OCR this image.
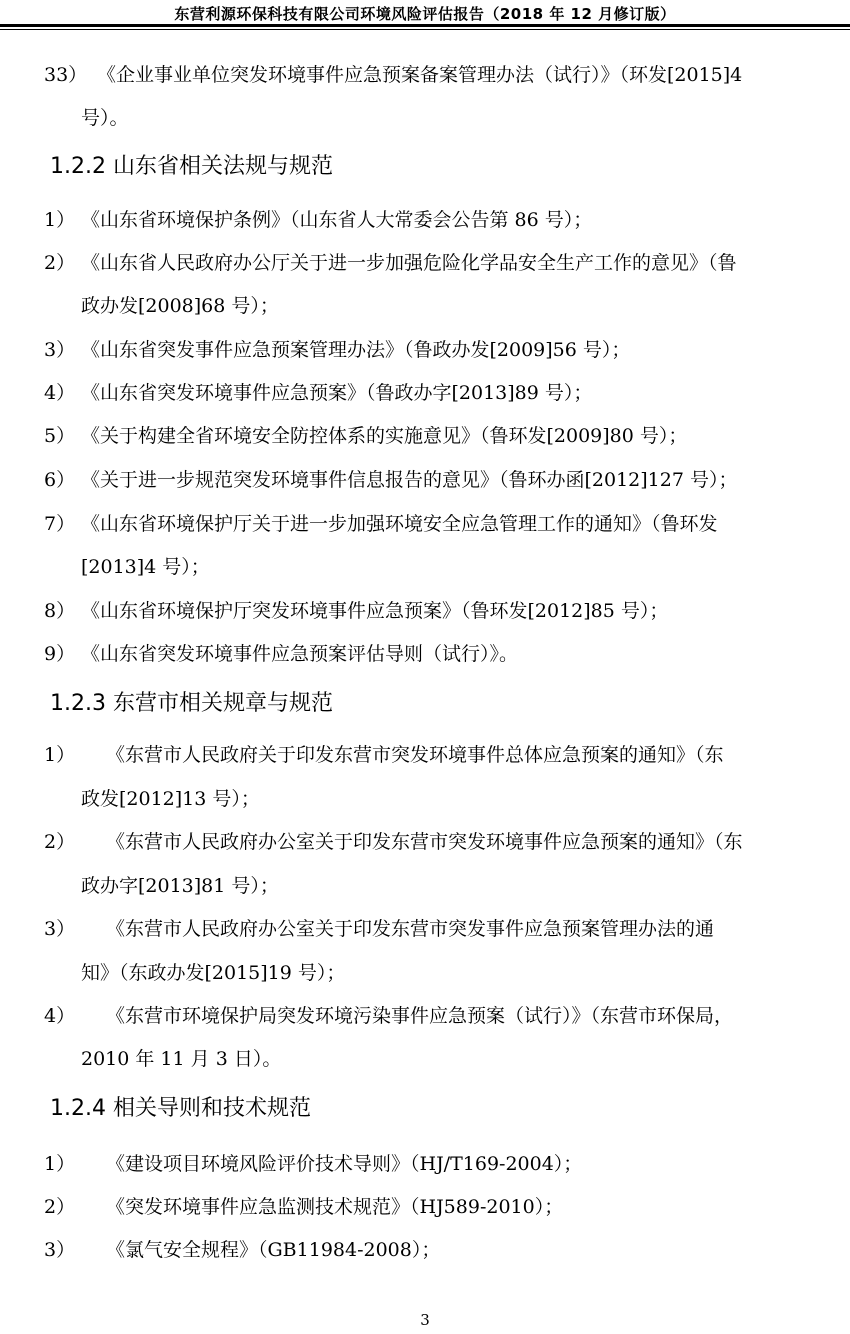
东营利源环保科技有限公司环境风险评估报告（2018 年 12 月修订版）
33） 《企业事业单位突发环境事件应急预案备案管理办法（试行）》（环发[2015]4
号）。
1.2.2 山东省相关法规与规范
1） 《山东省环境保护条例》（山东省人大常委会公告第 86 号）；
2） 《山东省人民政府办公厅关于进一步加强危险化学品安全生产工作的意见》（鲁
政办发[2008]68 号）；
3） 《山东省突发事件应急预案管理办法》（鲁政办发[2009]56 号）；
4） 《山东省突发环境事件应急预案》（鲁政办字[2013]89 号）；
5） 《关于构建全省环境安全防控体系的实施意见》（鲁环发[2009]80 号）；
6） 《关于进一步规范突发环境事件信息报告的意见》（鲁环办函[2012]127 号）；
7） 《山东省环境保护厅关于进一步加强环境安全应急管理工作的通知》（鲁环发
[2013]4 号）；
8） 《山东省环境保护厅突发环境事件应急预案》（鲁环发[2012]85 号）；
9） 《山东省突发环境事件应急预案评估导则（试行）》。
1.2.3 东营市相关规章与规范
1） 《东营市人民政府关于印发东营市突发环境事件总体应急预案的通知》（东
政发[2012]13 号）；
2） 《东营市人民政府办公室关于印发东营市突发环境事件应急预案的通知》（东
政办字[2013]81 号）；
3） 《东营市人民政府办公室关于印发东营市突发事件应急预案管理办法的通
知》（东政办发[2015]19 号）；
4） 《东营市环境保护局突发环境污染事件应急预案（试行）》（东营市环保局，
2010 年 11 月 3 日）。
1.2.4 相关导则和技术规范
1） 《建设项目环境风险评价技术导则》（HJ/T169-2004）；
2） 《突发环境事件应急监测技术规范》（HJ589-2010）；
3） 《氯气安全规程》（GB11984-2008）；
3
